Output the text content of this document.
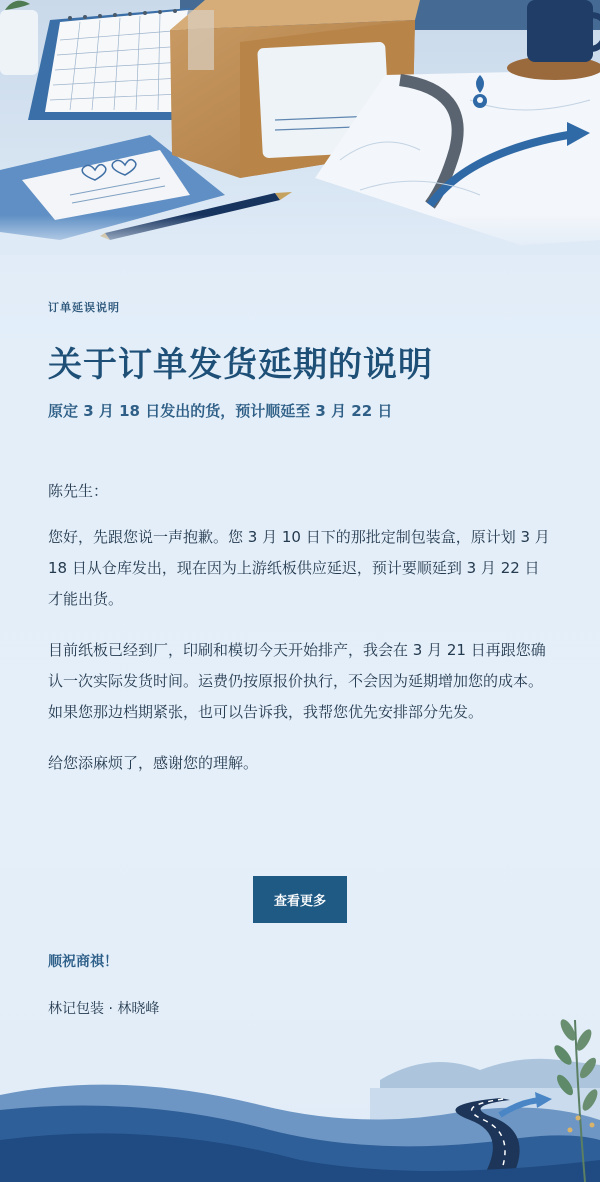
订单延误说明
关于订单发货延期的说明
原定 3 月 18 日发出的货，预计顺延至 3 月 22 日
陈先生：
您好，先跟您说一声抱歉。您 3 月 10 日下的那批定制包装盒，原计划 3 月 18 日从仓库发出，现在因为上游纸板供应延迟，预计要顺延到 3 月 22 日才能出货。
目前纸板已经到厂，印刷和模切今天开始排产，我会在 3 月 21 日再跟您确认一次实际发货时间。运费仍按原报价执行，不会因为延期增加您的成本。如果您那边档期紧张，也可以告诉我，我帮您优先安排部分先发。
给您添麻烦了，感谢您的理解。
查看更多
顺祝商祺！
林记包装 · 林晓峰
